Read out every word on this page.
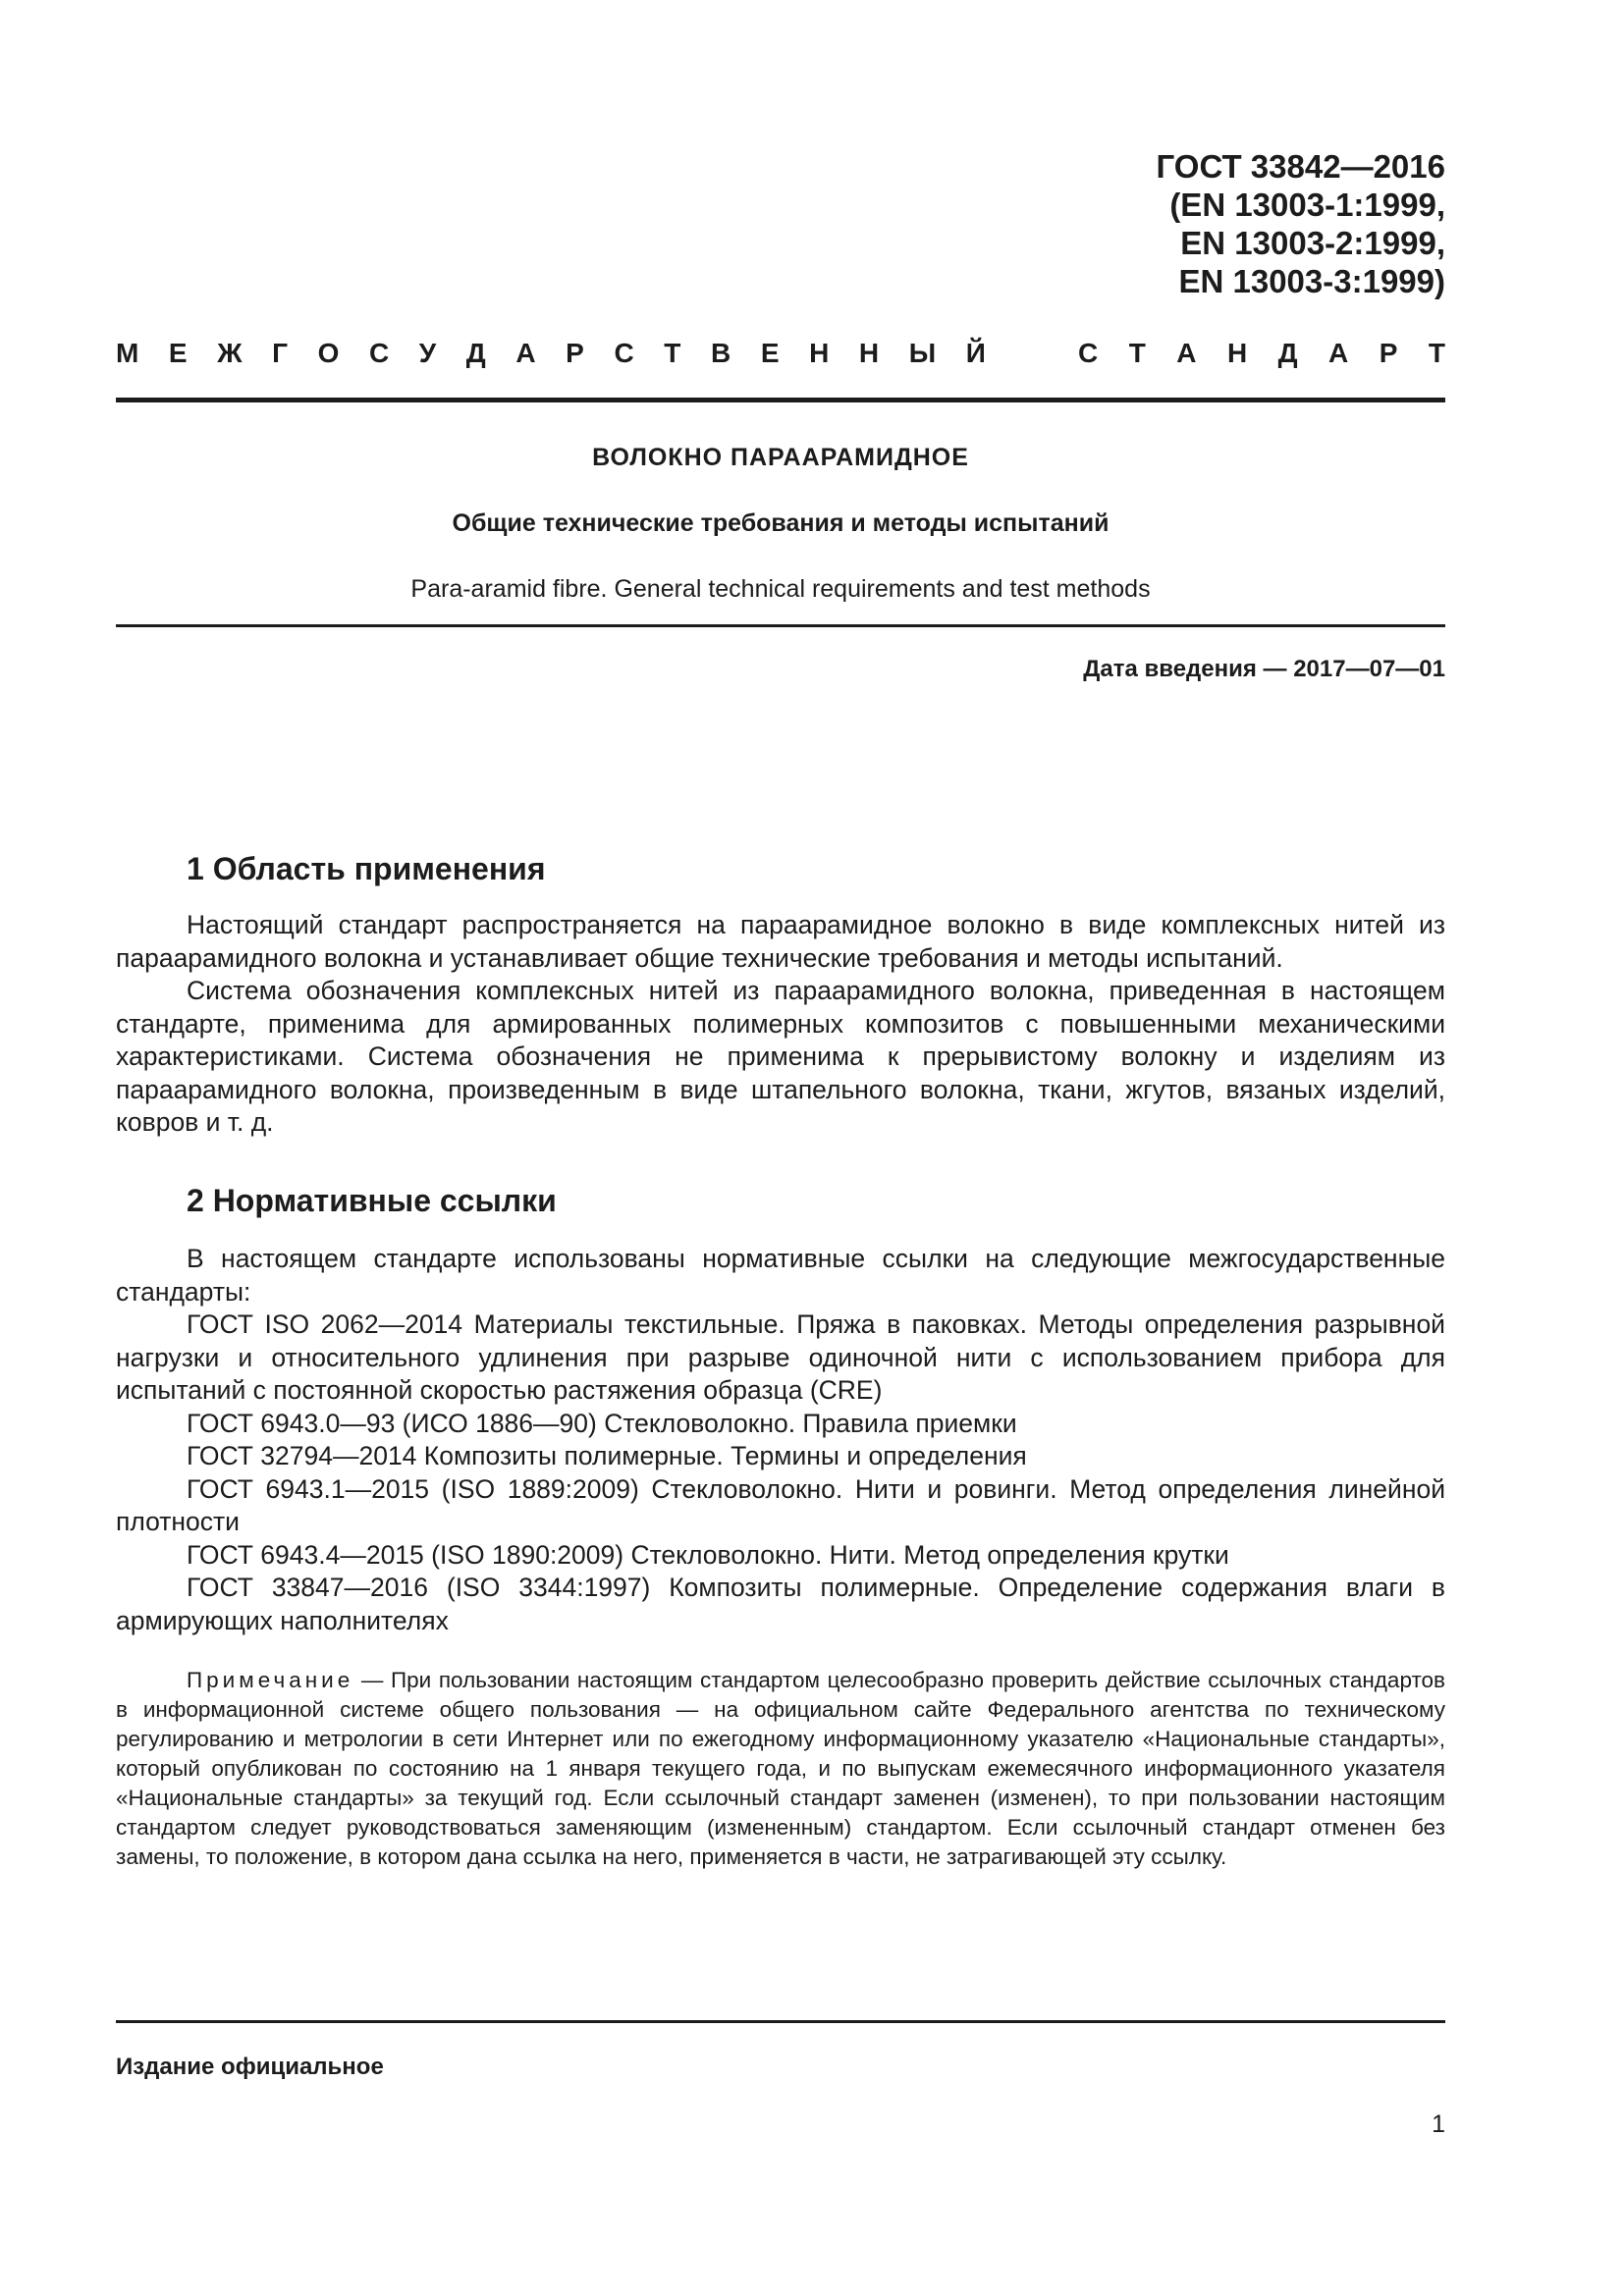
ГОСТ 33842—2016
(EN 13003-1:1999,
EN 13003-2:1999,
EN 13003-3:1999)
М Е Ж Г О С У Д А Р С Т В Е Н Н Ы Й	С Т А Н Д А Р Т
ВОЛОКНО ПАРААРАМИДНОЕ
Общие технические требования и методы испытаний
Para-aramid fibre. General technical requirements and test methods
Дата введения — 2017—07—01
1 Область применения

Настоящий стандарт распространяется на параарамидное волокно в виде комплексных нитей из параарамидного волокна и устанавливает общие технические требования и методы испытаний.

Система обозначения комплексных нитей из параарамидного волокна, приведенная в настоящем стандарте, применима для армированных полимерных композитов с повышенными механическими характеристиками. Система обозначения не применима к прерывистому волокну и изделиям из параарамидного волокна, произведенным в виде штапельного волокна, ткани, жгутов, вязаных изделий, ковров и т. д.

2 Нормативные ссылки

В настоящем стандарте использованы нормативные ссылки на следующие межгосударственные стандарты:

ГОСТ ISO 2062—2014 Материалы текстильные. Пряжа в паковках. Методы определения разрывной нагрузки и относительного удлинения при разрыве одиночной нити с использованием прибора для испытаний с постоянной скоростью растяжения образца (CRE)

ГОСТ 6943.0—93 (ИСО 1886—90) Стекловолокно. Правила приемки

ГОСТ 32794—2014 Композиты полимерные. Термины и определения

ГОСТ 6943.1—2015 (ISO 1889:2009) Стекловолокно. Нити и ровинги. Метод определения линейной плотности

ГОСТ 6943.4—2015 (ISO 1890:2009) Стекловолокно. Нити. Метод определения крутки

ГОСТ 33847—2016 (ISO 3344:1997) Композиты полимерные. Определение содержания влаги в армирующих наполнителях

Примечание — При пользовании настоящим стандартом целесообразно проверить действие ссылочных стандартов в информационной системе общего пользования — на официальном сайте Федерального агентства по техническому регулированию и метрологии в сети Интернет или по ежегодному информационному указателю «Национальные стандарты», который опубликован по состоянию на 1 января текущего года, и по выпускам ежемесячного информационного указателя «Национальные стандарты» за текущий год. Если ссылочный стандарт заменен (изменен), то при пользовании настоящим стандартом следует руководствоваться заменяющим (измененным) стандартом. Если ссылочный стандарт отменен без замены, то положение, в котором дана ссылка на него, применяется в части, не затрагивающей эту ссылку.

Издание официальное
1
